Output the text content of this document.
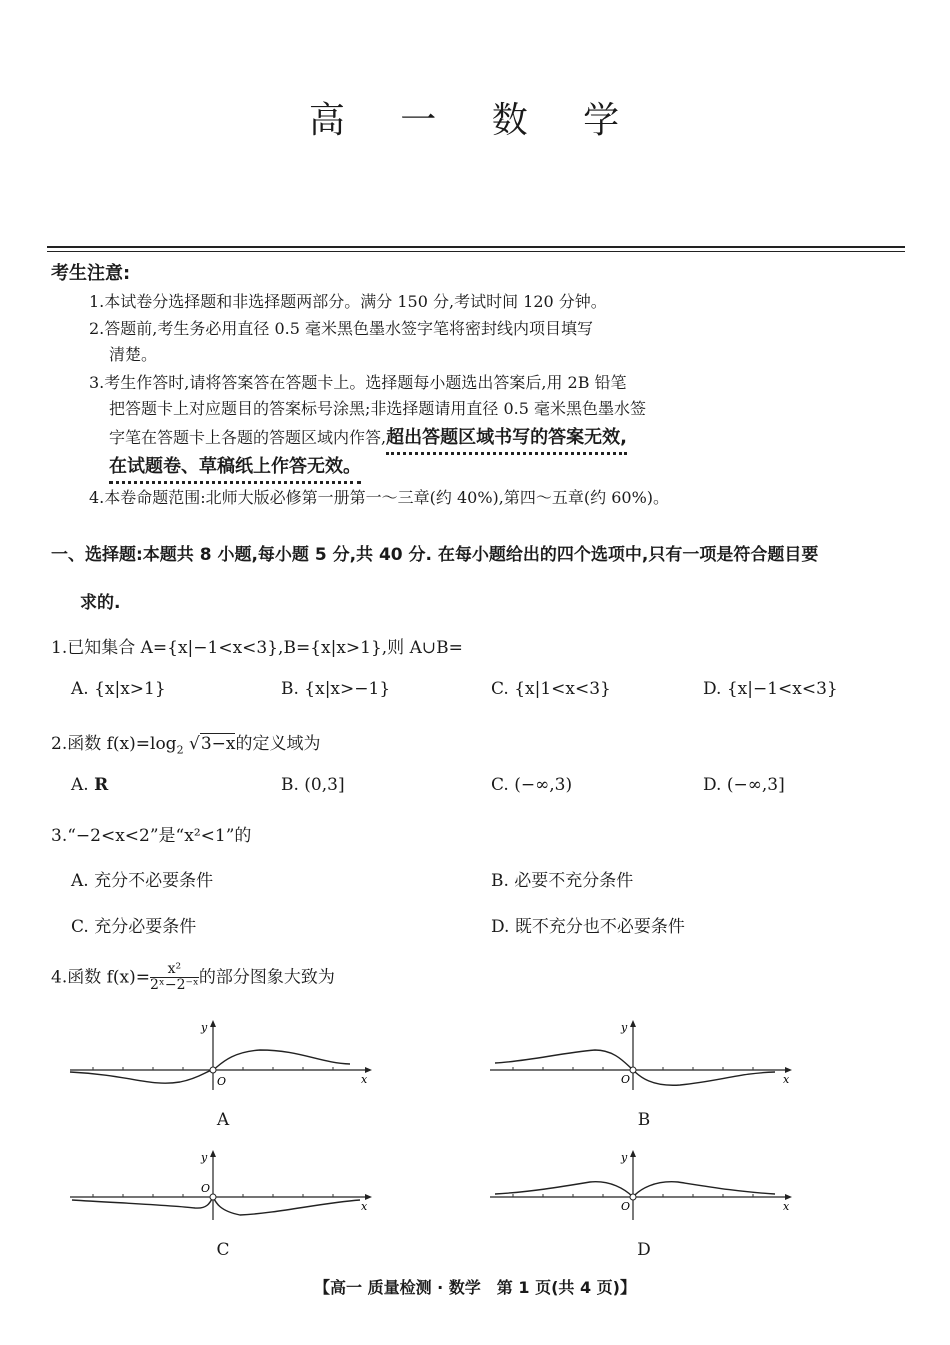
高 一 数 学
考生注意:
1.本试卷分选择题和非选择题两部分。满分 150 分,考试时间 120 分钟。
2.答题前,考生务必用直径 0.5 毫米黑色墨水签字笔将密封线内项目填写
清楚。
3.考生作答时,请将答案答在答题卡上。选择题每小题选出答案后,用 2B 铅笔
把答题卡上对应题目的答案标号涂黑;非选择题请用直径 0.5 毫米黑色墨水签
字笔在答题卡上各题的答题区域内作答,超出答题区域书写的答案无效,
在试题卷、草稿纸上作答无效。
4.本卷命题范围:北师大版必修第一册第一～三章(约 40%),第四～五章(约 60%)。
一、选择题:本题共 8 小题,每小题 5 分,共 40 分. 在每小题给出的四个选项中,只有一项是符合题目要
求的.
1.已知集合 A={x|−1<x<3},B={x|x>1},则 A∪B=
A. {x|x>1}	B. {x|x>−1}	C. {x|1<x<3}	D. {x|−1<x<3}
2.函数 $f(x)=\log_2$ √3−x的定义域为
A. R	B. (0,3]	C. (−∞,3)	D. (−∞,3]
3.“−2<x<2”是“x²<1”的
A. 充分不必要条件	B. 必要不充分条件
C. 充分必要条件	D. 既不充分也不必要条件
4.函数 $f(x)= \frac{\text{x²}}{\text{2ˣ−2⁻ˣ}}$ 的部分图象大致为
O	x
y
A
O	x
y
B
O
x
y
C
O	x
y
D
【高一 质量检测 · 数学　第 1 页(共 4 页)】
